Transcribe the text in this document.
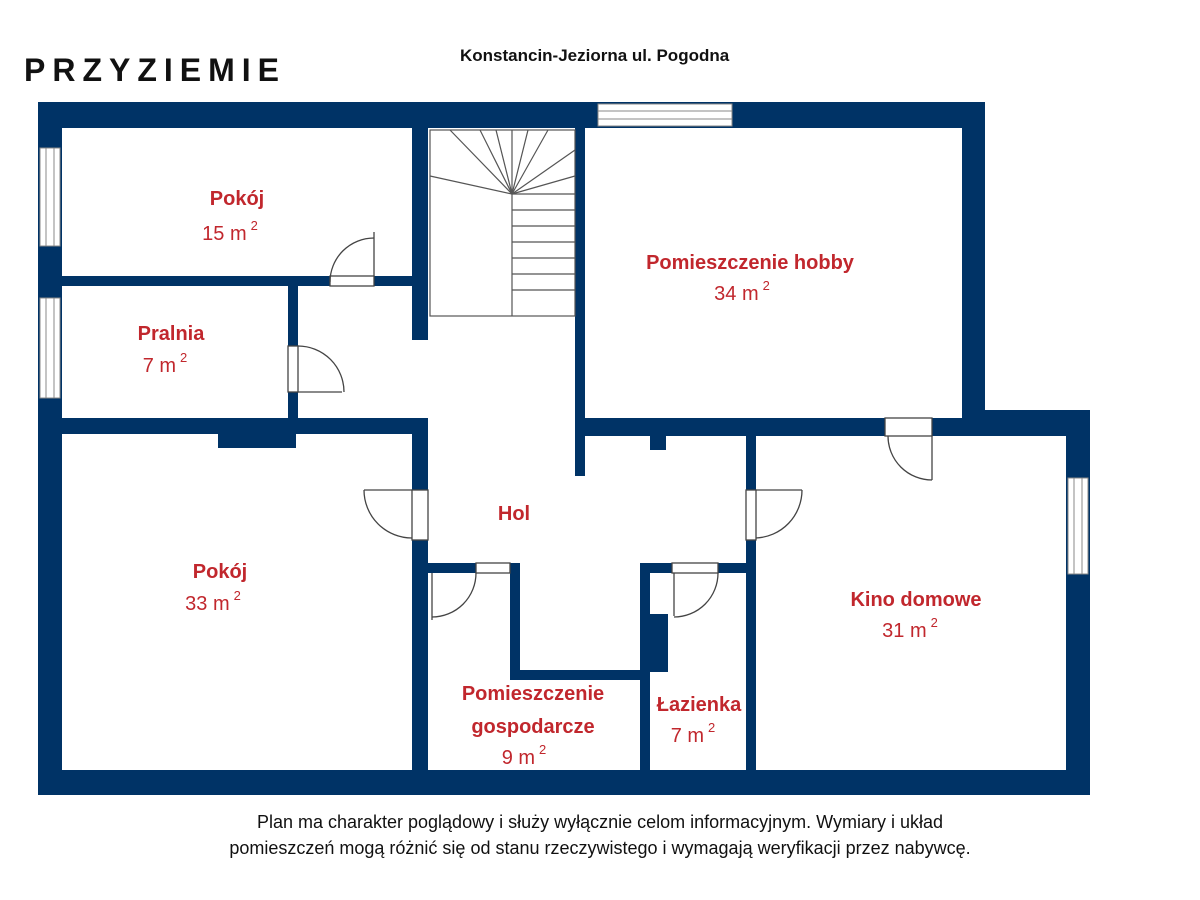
PRZYZIEMIE	Konstancin-Jeziorna ul. Pogodna
Pokój
15 m $^2$
Pralnia
7 m $^2$
Pokój
33 m $^2$
Pomieszczenie hobby
34 m $^2$
Hol
Pomieszczenie
gospodarcze
9 m $^2$
Łazienka
7 m $^2$
Kino domowe
31 m $^2$
Plan ma charakter poglądowy i służy wyłącznie celom informacyjnym. Wymiary i układ
pomieszczeń mogą różnić się od stanu rzeczywistego i wymagają weryfikacji przez nabywcę.
